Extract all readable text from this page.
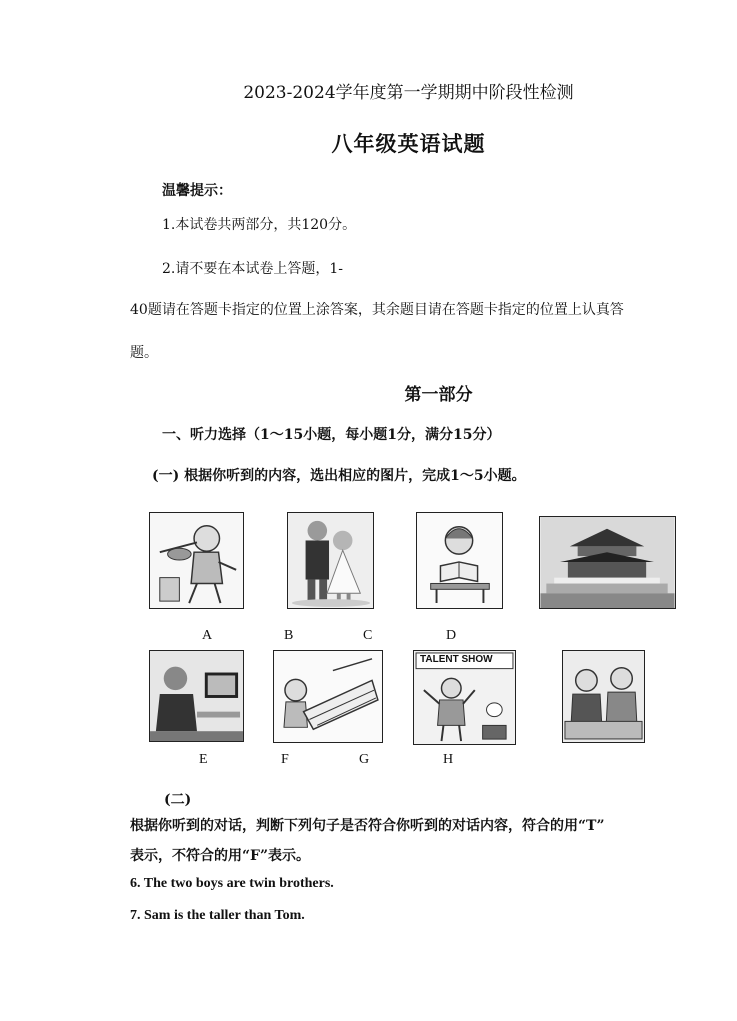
2023-2024学年度第一学期期中阶段性检测
八年级英语试题
温馨提示：
1.本试卷共两部分，共120分。
2.请不要在本试卷上答题，1-
40题请在答题卡指定的位置上涂答案，其余题目请在答题卡指定的位置上认真答
题。
第一部分
一、听力选择（1～15小题，每小题1分，满分15分）
(一) 根据你听到的内容，选出相应的图片，完成1～5小题。
A	B	C	D
TALENT SHOW
E	F	G	H
(二)
根据你听到的对话，判断下列句子是否符合你听到的对话内容，符合的用“T”
表示，不符合的用“F”表示。
6. The two boys are twin brothers.
7. Sam is the taller than Tom.
